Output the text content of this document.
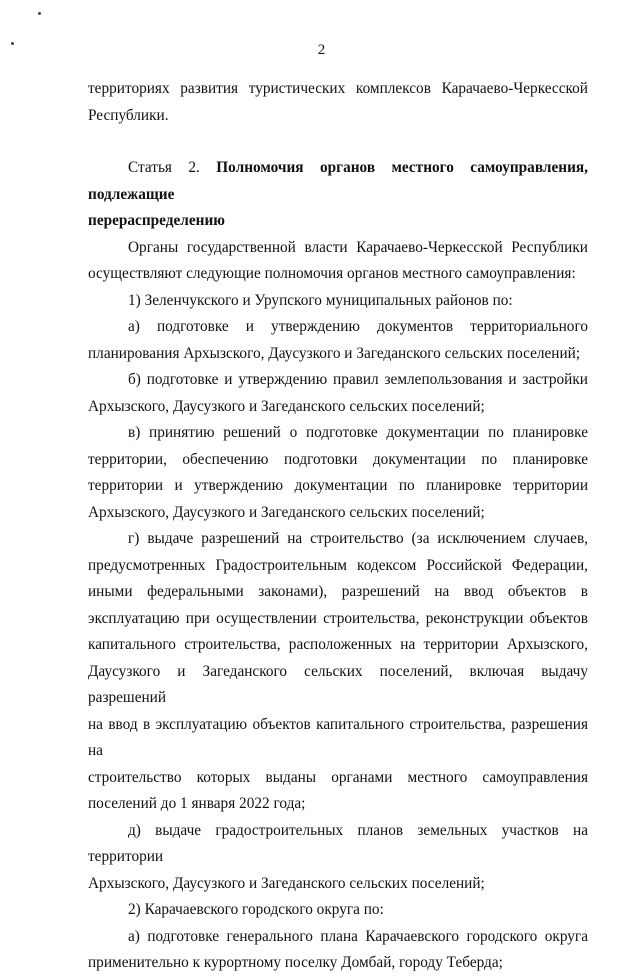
2

территориях развития туристических комплексов Карачаево-Черкесской
Республики.

Статья 2. Полномочия органов местного самоуправления, подлежащие
перераспределению

Органы государственной власти Карачаево-Черкесской Республики
осуществляют следующие полномочия органов местного самоуправления:

1) Зеленчукского и Урупского муниципальных районов по:

а) подготовке и утверждению документов территориального
планирования Архызского, Даусузкого и Загеданского сельских поселений;

б) подготовке и утверждению правил землепользования и застройки
Архызского, Даусузкого и Загеданского сельских поселений;

в) принятию решений о подготовке документации по планировке
территории, обеспечению подготовки документации по планировке
территории и утверждению документации по планировке территории
Архызского, Даусузкого и Загеданского сельских поселений;

г) выдаче разрешений на строительство (за исключением случаев,
предусмотренных Градостроительным кодексом Российской Федерации,
иными федеральными законами), разрешений на ввод объектов в
эксплуатацию при осуществлении строительства, реконструкции объектов
капитального строительства, расположенных на территории Архызского,
Даусузкого и Загеданского сельских поселений, включая выдачу разрешений
на ввод в эксплуатацию объектов капитального строительства, разрешения на
строительство которых выданы органами местного самоуправления
поселений до 1 января 2022 года;

д) выдаче градостроительных планов земельных участков на территории
Архызского, Даусузкого и Загеданского сельских поселений;

2) Карачаевского городского округа по:

а) подготовке генерального плана Карачаевского городского округа
применительно к курортному поселку Домбай, городу Теберда;
